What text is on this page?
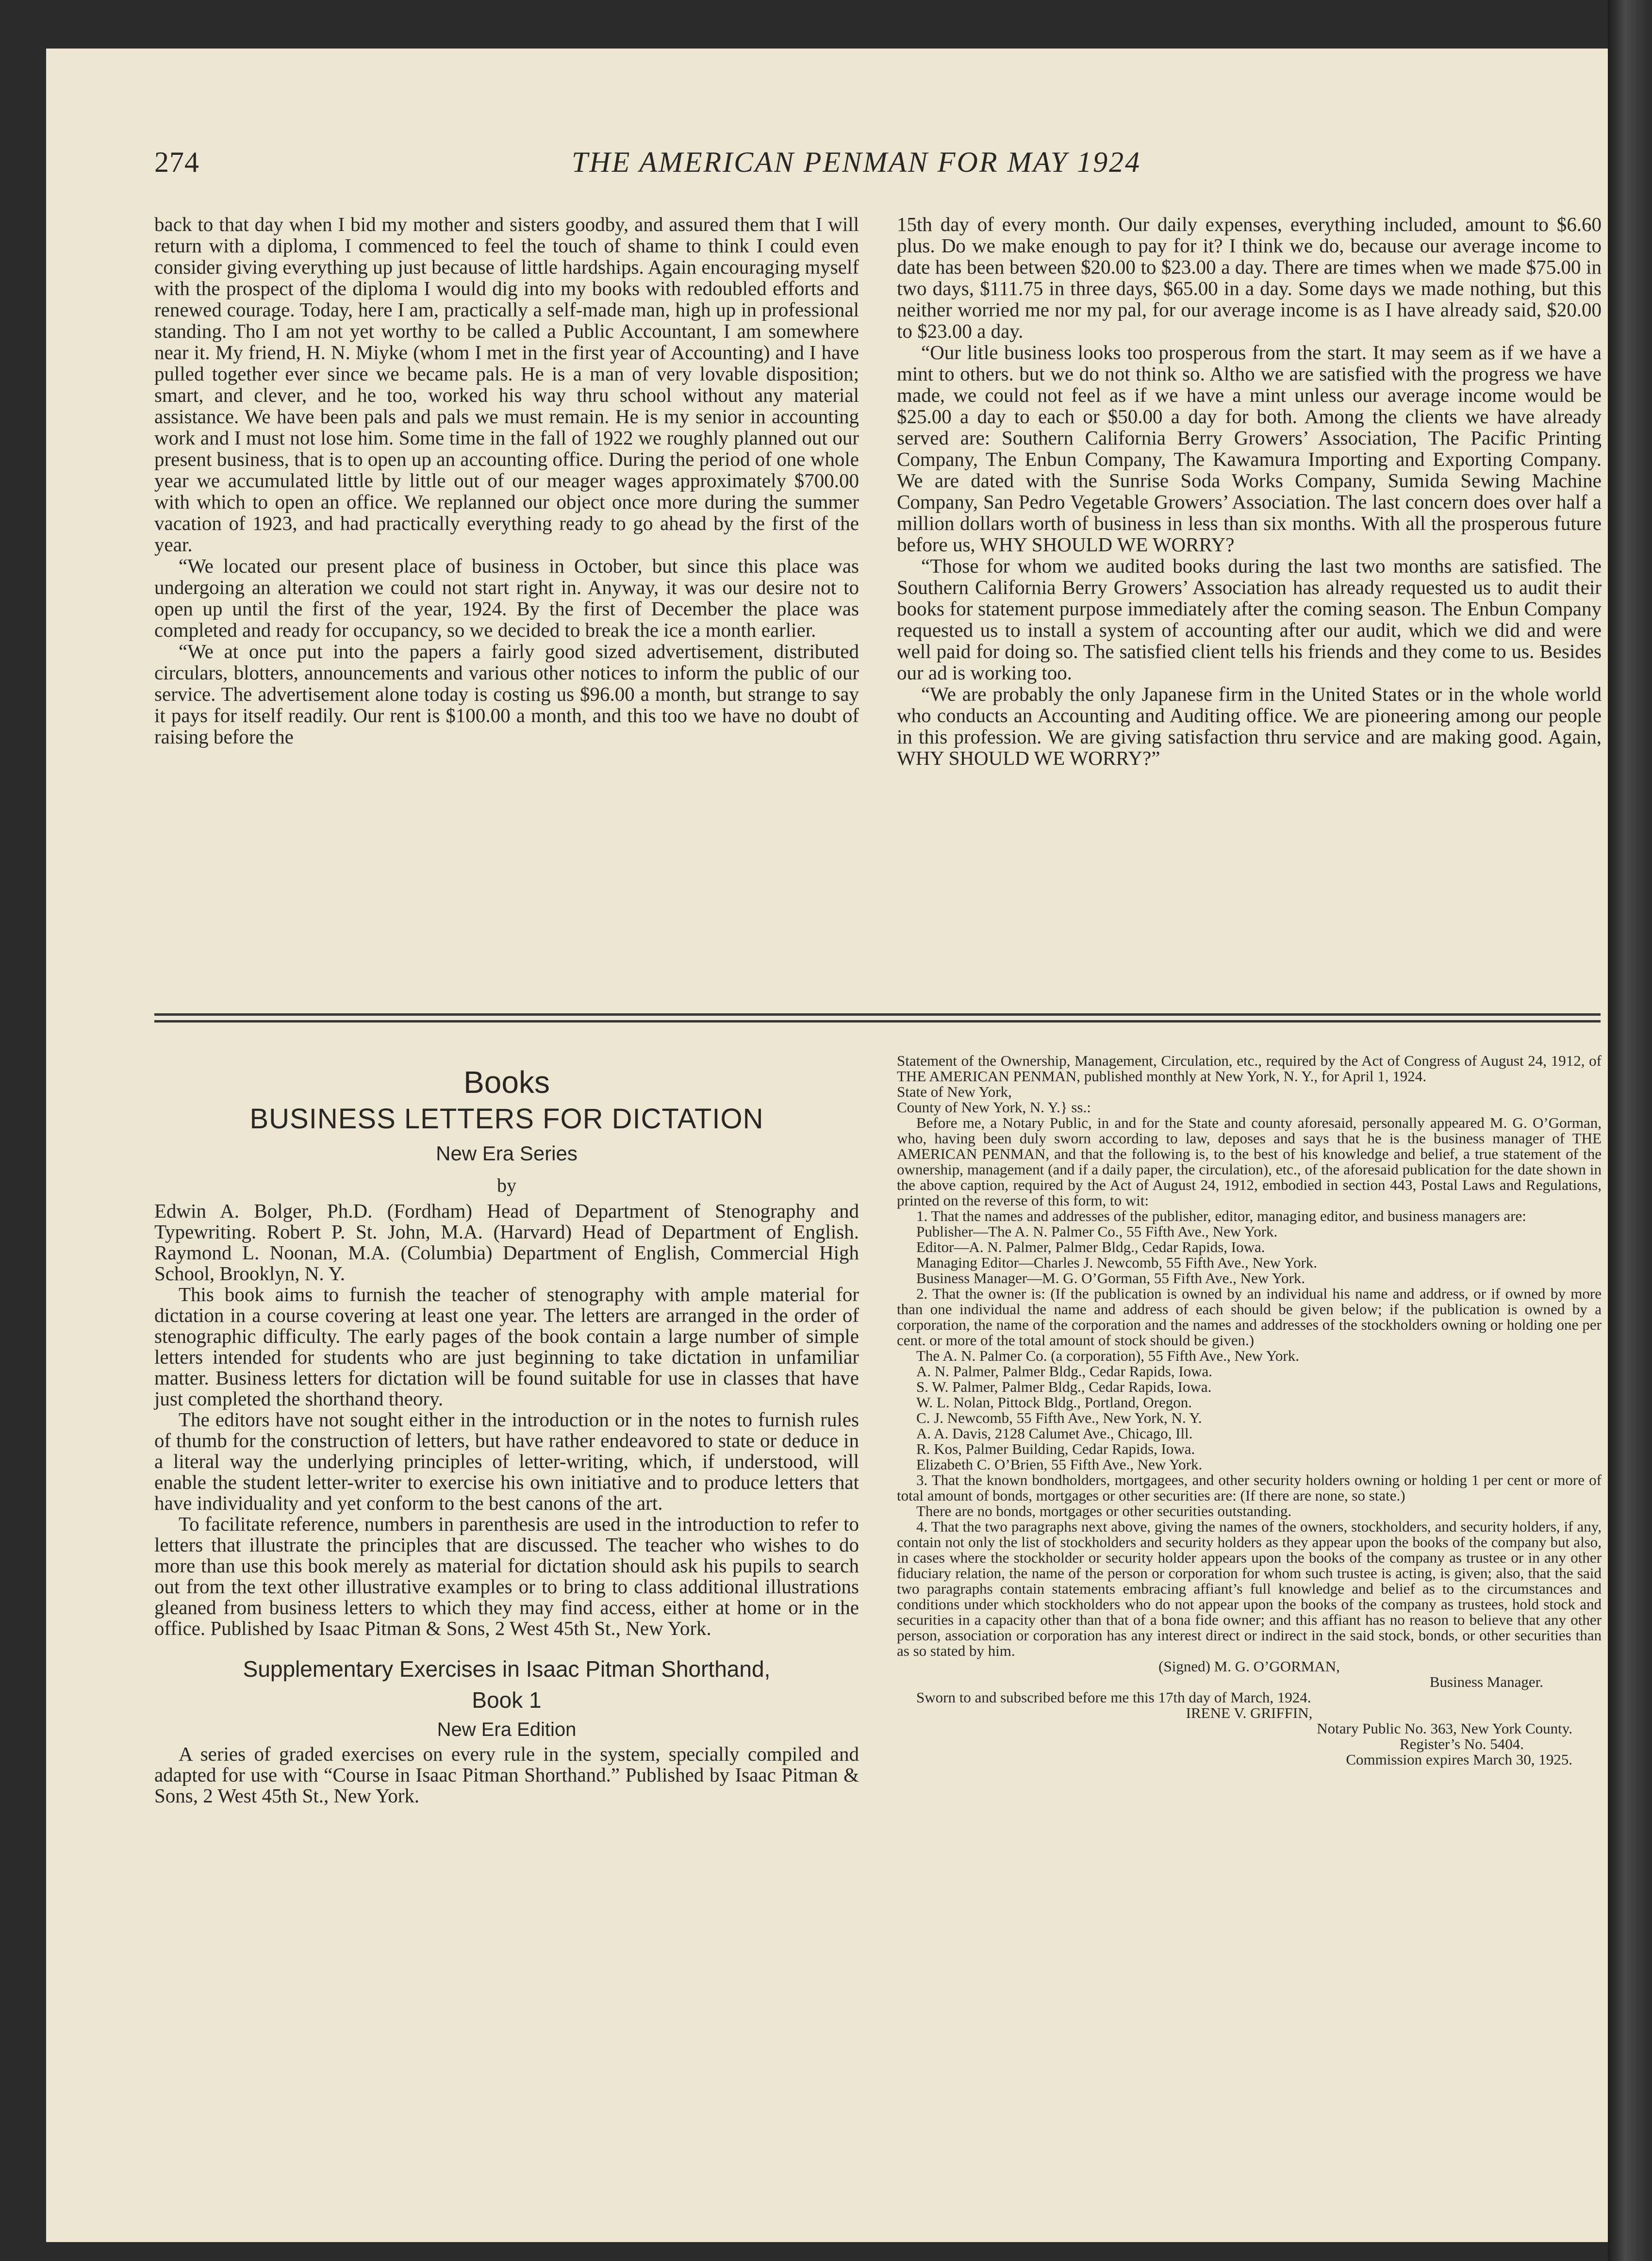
274	THE AMERICAN PENMAN FOR MAY 1924

back to that day when I bid my mother and sisters goodby, and assured them that I will return with a diploma, I commenced to feel the touch of shame to think I could even consider giving everything up just because of little hardships. Again encouraging myself with the prospect of the diploma I would dig into my books with redoubled efforts and renewed courage. Today, here I am, practically a self-made man, high up in professional standing. Tho I am not yet worthy to be called a Public Accountant, I am somewhere near it. My friend, H. N. Miyke (whom I met in the first year of Accounting) and I have pulled together ever since we became pals. He is a man of very lovable disposition; smart, and clever, and he too, worked his way thru school without any material assistance. We have been pals and pals we must remain. He is my senior in accounting work and I must not lose him. Some time in the fall of 1922 we roughly planned out our present business, that is to open up an accounting office. During the period of one whole year we accumulated little by little out of our meager wages approximately $700.00 with which to open an office. We replanned our object once more during the summer vacation of 1923, and had practically everything ready to go ahead by the first of the year.

“We located our present place of business in October, but since this place was undergoing an alteration we could not start right in. Anyway, it was our desire not to open up until the first of the year, 1924. By the first of December the place was completed and ready for occupancy, so we decided to break the ice a month earlier.

“We at once put into the papers a fairly good sized advertisement, distributed circulars, blotters, announcements and various other notices to inform the public of our service. The advertisement alone today is costing us $96.00 a month, but strange to say it pays for itself readily. Our rent is $100.00 a month, and this too we have no doubt of raising before the

15th day of every month. Our daily expenses, everything included, amount to $6.60 plus. Do we make enough to pay for it? I think we do, because our average income to date has been between $20.00 to $23.00 a day. There are times when we made $75.00 in two days, $111.75 in three days, $65.00 in a day. Some days we made nothing, but this neither worried me nor my pal, for our average income is as I have already said, $20.00 to $23.00 a day.

“Our litle business looks too prosperous from the start. It may seem as if we have a mint to others. but we do not think so. Altho we are satisfied with the progress we have made, we could not feel as if we have a mint unless our average income would be $25.00 a day to each or $50.00 a day for both. Among the clients we have already served are: Southern California Berry Growers’ Association, The Pacific Printing Company, The Enbun Company, The Kawamura Importing and Exporting Company. We are dated with the Sunrise Soda Works Company, Sumida Sewing Machine Company, San Pedro Vegetable Growers’ Association. The last concern does over half a million dollars worth of business in less than six months. With all the prosperous future before us, WHY SHOULD WE WORRY?

“Those for whom we audited books during the last two months are satisfied. The Southern California Berry Growers’ Association has already requested us to audit their books for statement purpose immediately after the coming season. The Enbun Company requested us to install a system of accounting after our audit, which we did and were well paid for doing so. The satisfied client tells his friends and they come to us. Besides our ad is working too.

“We are probably the only Japanese firm in the United States or in the whole world who conducts an Accounting and Auditing office. We are pioneering among our people in this profession. We are giving satisfaction thru service and are making good. Again, WHY SHOULD WE WORRY?”

Books
BUSINESS LETTERS FOR DICTATION
New Era Series
by

Edwin A. Bolger, Ph.D. (Fordham) Head of Department of Stenography and Typewriting. Robert P. St. John, M.A. (Harvard) Head of Department of English. Raymond L. Noonan, M.A. (Columbia) Department of English, Commercial High School, Brooklyn, N. Y.

This book aims to furnish the teacher of stenography with ample material for dictation in a course covering at least one year. The letters are arranged in the order of stenographic difficulty. The early pages of the book contain a large number of simple letters intended for students who are just beginning to take dictation in unfamiliar matter. Business letters for dictation will be found suitable for use in classes that have just completed the shorthand theory.

The editors have not sought either in the introduction or in the notes to furnish rules of thumb for the construction of letters, but have rather endeavored to state or deduce in a literal way the underlying principles of letter-writing, which, if understood, will enable the student letter-writer to exercise his own initiative and to produce letters that have individuality and yet conform to the best canons of the art.

To facilitate reference, numbers in parenthesis are used in the introduction to refer to letters that illustrate the principles that are discussed. The teacher who wishes to do more than use this book merely as material for dictation should ask his pupils to search out from the text other illustrative examples or to bring to class additional illustrations gleaned from business letters to which they may find access, either at home or in the office. Published by Isaac Pitman & Sons, 2 West 45th St., New York.

Supplementary Exercises in Isaac Pitman Shorthand,
Book 1
New Era Edition

A series of graded exercises on every rule in the system, specially compiled and adapted for use with “Course in Isaac Pitman Shorthand.” Published by Isaac Pitman & Sons, 2 West 45th St., New York.

Statement of the Ownership, Management, Circulation, etc., required by the Act of Congress of August 24, 1912, of THE AMERICAN PENMAN, published monthly at New York, N. Y., for April 1, 1924.

State of New York,

County of New York, N. Y.} ss.:

Before me, a Notary Public, in and for the State and county aforesaid, personally appeared M. G. O’Gorman, who, having been duly sworn according to law, deposes and says that he is the business manager of THE AMERICAN PENMAN, and that the following is, to the best of his knowledge and belief, a true statement of the ownership, management (and if a daily paper, the circulation), etc., of the aforesaid publication for the date shown in the above caption, required by the Act of August 24, 1912, embodied in section 443, Postal Laws and Regulations, printed on the reverse of this form, to wit:

1. That the names and addresses of the publisher, editor, managing editor, and business managers are:

Publisher—The A. N. Palmer Co., 55 Fifth Ave., New York.

Editor—A. N. Palmer, Palmer Bldg., Cedar Rapids, Iowa.

Managing Editor—Charles J. Newcomb, 55 Fifth Ave., New York.

Business Manager—M. G. O’Gorman, 55 Fifth Ave., New York.

2. That the owner is: (If the publication is owned by an individual his name and address, or if owned by more than one individual the name and address of each should be given below; if the publication is owned by a corporation, the name of the corporation and the names and addresses of the stockholders owning or holding one per cent. or more of the total amount of stock should be given.)

The A. N. Palmer Co. (a corporation), 55 Fifth Ave., New York.

A. N. Palmer, Palmer Bldg., Cedar Rapids, Iowa.

S. W. Palmer, Palmer Bldg., Cedar Rapids, Iowa.

W. L. Nolan, Pittock Bldg., Portland, Oregon.

C. J. Newcomb, 55 Fifth Ave., New York, N. Y.

A. A. Davis, 2128 Calumet Ave., Chicago, Ill.

R. Kos, Palmer Building, Cedar Rapids, Iowa.

Elizabeth C. O’Brien, 55 Fifth Ave., New York.

3. That the known bondholders, mortgagees, and other security holders owning or holding 1 per cent or more of total amount of bonds, mortgages or other securities are: (If there are none, so state.)

There are no bonds, mortgages or other securities outstanding.

4. That the two paragraphs next above, giving the names of the owners, stockholders, and security holders, if any, contain not only the list of stockholders and security holders as they appear upon the books of the company but also, in cases where the stockholder or security holder appears upon the books of the company as trustee or in any other fiduciary relation, the name of the person or corporation for whom such trustee is acting, is given; also, that the said two paragraphs contain statements embracing affiant’s full knowledge and belief as to the circumstances and conditions under which stockholders who do not appear upon the books of the company as trustees, hold stock and securities in a capacity other than that of a bona fide owner; and this affiant has no reason to believe that any other person, association or corporation has any interest direct or indirect in the said stock, bonds, or other securities than as so stated by him.

(Signed) M. G. O’GORMAN,

Business Manager.

Sworn to and subscribed before me this 17th day of March, 1924.

IRENE V. GRIFFIN,

Notary Public No. 363, New York County.

Register’s No. 5404.

Commission expires March 30, 1925.
